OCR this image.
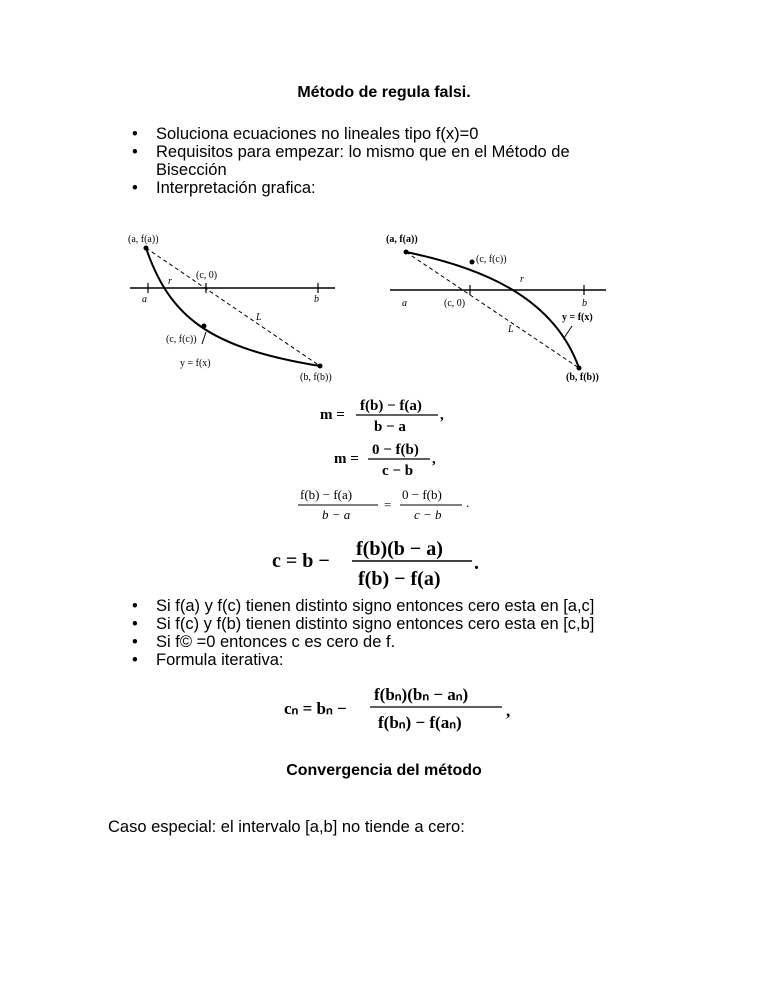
Método de regula falsi.
• Soluciona ecuaciones no lineales tipo f(x)=0
• Requisitos para empezar: lo mismo que en el Método de
Bisección
• Interpretación grafica:
(a, f(a))
(c, 0)
r
a	b
L
(c, f(c))
y = f(x)
(b, f(b))
(a, f(a))
(c, f(c))
r
a	(c, 0)	b
y = f(x)
L
(b, f(b))
m =
f(b) − f(a)
b − a
,
m =
0 − f(b)
c − b
,
f(b) − f(a)
b − a
=
0 − f(b)
c − b
.
c = b −
f(b)(b − a)
f(b) − f(a)
.
• Si f(a) y f(c) tienen distinto signo entonces cero esta en [a,c]
• Si f(c) y f(b) tienen distinto signo entonces cero esta en [c,b]
• Si f© =0 entonces c es cero de f.
• Formula iterativa:
cₙ = bₙ −
f(bₙ)(bₙ − aₙ)
f(bₙ) − f(aₙ)
,
Convergencia del método
Caso especial: el intervalo [a,b] no tiende a cero:
